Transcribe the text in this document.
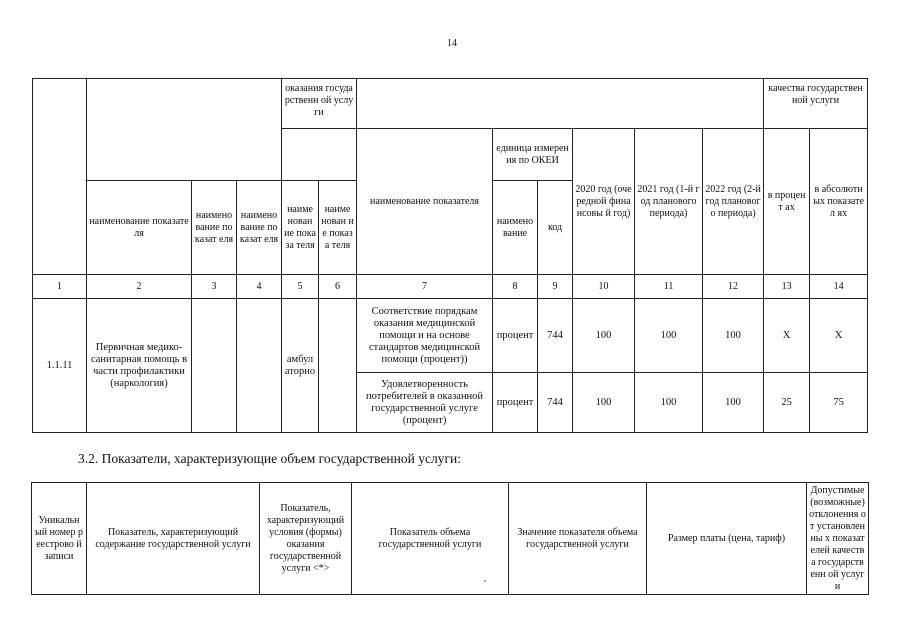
14
				оказания государственн ой услуги								качества государственной услуги	
						наименование показателя	единица измерения по ОКЕИ		2020 год (очередной финансовы й год)	2021 год (1-й год планового периода)	2022 год (2-й год планового периода)	в процент ах	в абсолютн ых показател ях
	наименование показателя	наимено вание показат еля	наимено вание показат еля	наиме нован ие показа теля	наиме нован ие показа теля		наимено вание	код					
1	2	3	4	5	6	7	8	9	10	11	12	13	14
1.1.11	Первичная медико-санитарная помощь в части профилактики (наркология)			амбул аторно		Соответствие порядкам оказания медицинской помощи и на основе стандартов медицинской помощи (процент))	процент	744	100	100	100	Х	Х
						Удовлетворенность потребителей в оказанной государственной услуге (процент)	процент	744	100	100	100	25	75
3.2. Показатели, характеризующие объем государственной услуги:
Уникальн ый номер реестрово й записи	Показатель, характеризующий содержание государственной услуги	Показатель, характеризующий условия (формы) оказания государственной услуги <*>	Показатель объема государственной услуги	Значение показателя объема государственной услуги	Размер платы (цена, тариф)	Допустимые (возможные) отклонения от установленны х показателей качества государственн ой услуги
